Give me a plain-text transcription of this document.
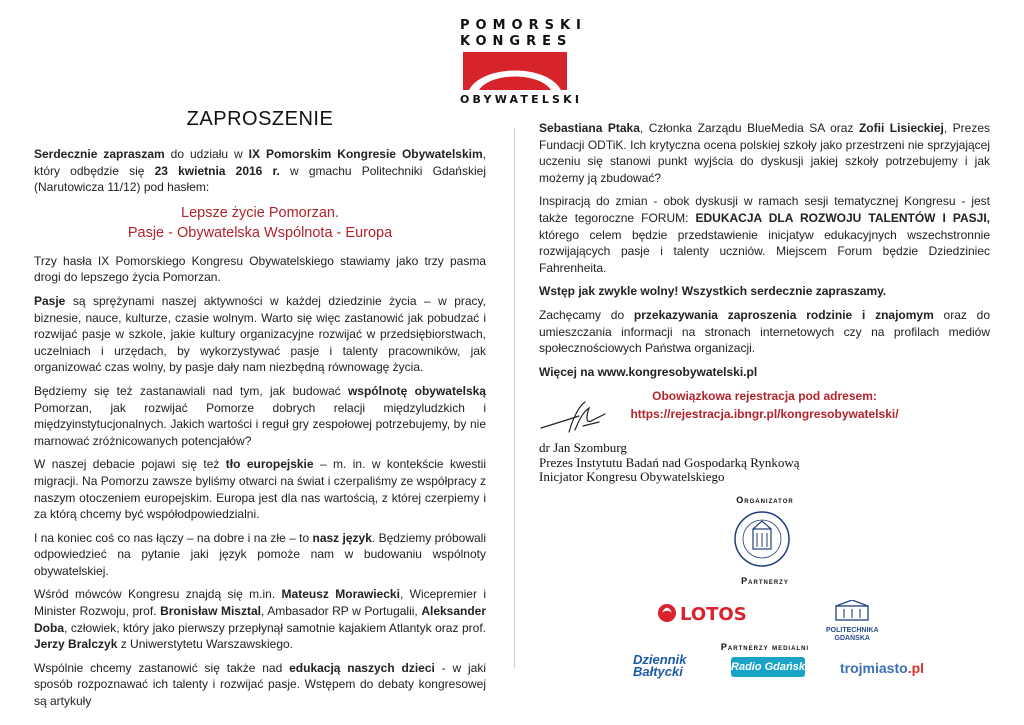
POMORSKI
KONGRES
OBYWATELSKI
ZAPROSZENIE

Serdecznie zapraszam do udziału w IX Pomorskim Kongresie Obywatelskim, który odbędzie się 23 kwietnia 2016 r. w gmachu Politechniki Gdańskiej (Narutowicza 11/12) pod hasłem:

Lepsze życie Pomorzan.
Pasje - Obywatelska Wspólnota - Europa

Trzy hasła IX Pomorskiego Kongresu Obywatelskiego stawiamy jako trzy pasma drogi do lepszego życia Pomorzan.

Pasje są sprężynami naszej aktywności w każdej dziedzinie życia – w pracy, biznesie, nauce, kulturze, czasie wolnym. Warto się więc zastanowić jak pobudzać i rozwijać pasje w szkole, jakie kultury organizacyjne rozwijać w przedsiębiorstwach, uczelniach i urzędach, by wykorzystywać pasje i talenty pracowników, jak organizować czas wolny, by pasje dały nam niezbędną równowagę życia.

Będziemy się też zastanawiali nad tym, jak budować wspólnotę obywatelską Pomorzan, jak rozwijać Pomorze dobrych relacji międzyludzkich i międzyinstytucjonalnych. Jakich wartości i reguł gry zespołowej potrzebujemy, by nie marnować zróżnicowanych potencjałów?

W naszej debacie pojawi się też tło europejskie – m. in. w kontekście kwestii migracji. Na Pomorzu zawsze byliśmy otwarci na świat i czerpaliśmy ze współpracy z naszym otoczeniem europejskim. Europa jest dla nas wartością, z której czerpiemy i za którą chcemy być współodpowiedzialni.

I na koniec coś co nas łączy – na dobre i na złe – to nasz język. Będziemy próbowali odpowiedzieć na pytanie jaki język pomoże nam w budowaniu wspólnoty obywatelskiej.

Wśród mówców Kongresu znajdą się m.in. Mateusz Morawiecki, Wicepremier i Minister Rozwoju, prof. Bronisław Misztal, Ambasador RP w Portugalii, Aleksander Doba, człowiek, który jako pierwszy przepłynął samotnie kajakiem Atlantyk oraz prof. Jerzy Bralczyk z Uniwerstytetu Warszawskiego.

Wspólnie chcemy zastanowić się także nad edukacją naszych dzieci - w jaki sposób rozpoznawać ich talenty i rozwijać pasje. Wstępem do debaty kongresowej są artykuły

Sebastiana Ptaka, Członka Zarządu BlueMedia SA oraz Zofii Lisieckiej, Prezes Fundacji ODTiK. Ich krytyczna ocena polskiej szkoły jako przestrzeni nie sprzyjającej uczeniu się stanowi punkt wyjścia do dyskusji jakiej szkoły potrzebujemy i jak możemy ją zbudować?

Inspiracją do zmian - obok dyskusji w ramach sesji tematycznej Kongresu - jest także tegoroczne FORUM: EDUKACJA DLA ROZWOJU TALENTÓW I PASJI, którego celem będzie przedstawienie inicjatyw edukacyjnych wszechstronnie rozwijających pasje i talenty uczniów. Miejscem Forum będzie Dziedziniec Fahrenheita.

Wstęp jak zwykle wolny! Wszystkich serdecznie zapraszamy.

Zachęcamy do przekazywania zaproszenia rodzinie i znajomym oraz do umieszczania informacji na stronach internetowych czy na profilach mediów społecznościowych Państwa organizacji.

Więcej na www.kongresobywatelski.pl

Obowiązkowa rejestracja pod adresem:
https://rejestracja.ibngr.pl/kongresobywatelski/
dr Jan Szomburg
Prezes Instytutu Badań nad Gospodarką Rynkową
Inicjator Kongresu Obywatelskiego
Organizator
Partnerzy
LOTOS
POLITECHNIKA
GDAŃSKA
Partnerzy medialni
Dziennik
Bałtycki	Radio Gdańsk	trojmiasto.pl
